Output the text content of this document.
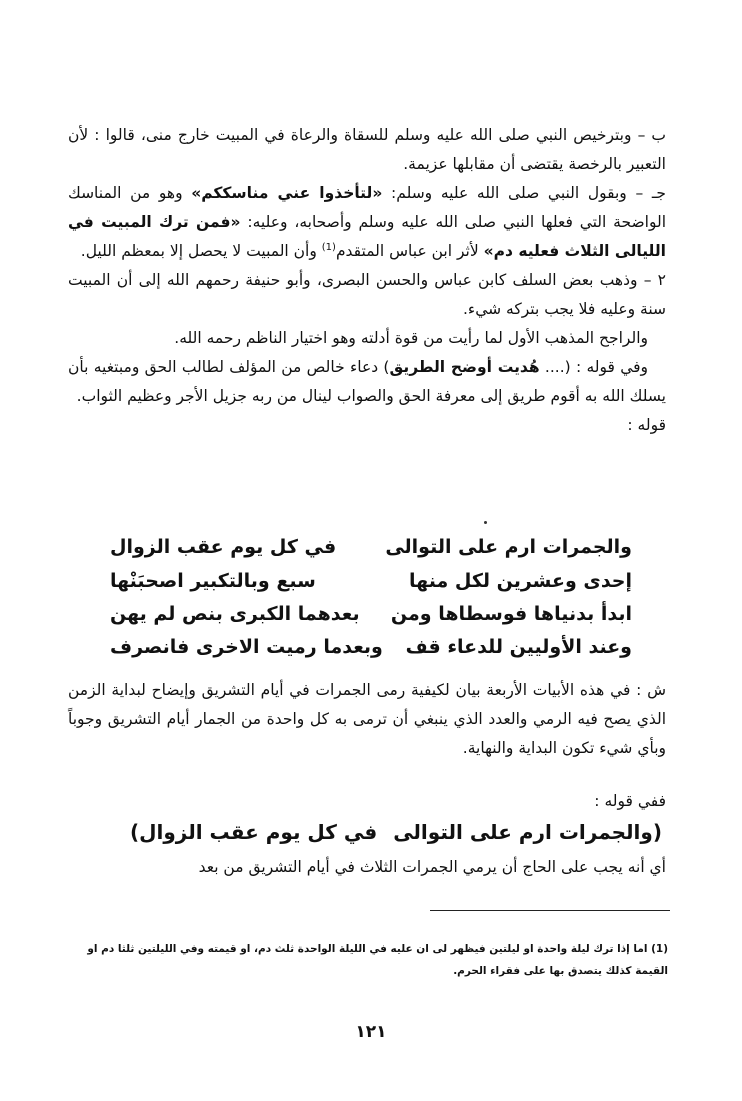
ب – وبترخيص النبي صلى الله عليه وسلم للسقاة والرعاة في المبيت خارج منى، قالوا : لأن التعبير بالرخصة يقتضى أن مقابلها عزيمة.

جـ – وبقول النبي صلى الله عليه وسلم: «لتأخذوا عني مناسككم» وهو من المناسك الواضحة التي فعلها النبي صلى الله عليه وسلم وأصحابه، وعليه: «فمن ترك المبيت في الليالى الثلاث فعليه دم» لأثر ابن عباس المتقدم$^{(1)}$ وأن المبيت لا يحصل إلا بمعظم الليل.

٢ – وذهب بعض السلف كابن عباس والحسن البصرى، وأبو حنيفة رحمهم الله إلى أن المبيت سنة وعليه فلا يجب بتركه شيء.

والراجح المذهب الأول لما رأيت من قوة أدلته وهو اختيار الناظم رحمه الله.

وفي قوله : (.... هُديت أوضح الطريق) دعاء خالص من المؤلف لطالب الحق ومبتغيه بأن يسلك الله به أقوم طريق إلى معرفة الحق والصواب لينال من ربه جزيل الأجر وعظيم الثواب.

قوله :

والجمرات ارم على التوالى
في كل يوم عقب الزوال
إحدى وعشرين لكل منها
سبع وبالتكبير اصحبَنْها
ابدأ بدنياها فوسطاها ومن
بعدهما الكبرى بنص لم يهن
وعند الأولیین للدعاء قف
وبعدما رميت الاخرى فانصرف

ش : في هذه الأبيات الأربعة بيان لكيفية رمى الجمرات في أيام التشريق وإيضاح لبداية الزمن الذي يصح فيه الرمي والعدد الذي ينبغي أن ترمى به كل واحدة من الجمار أيام التشريق وجوباً وبأي شيء تكون البداية والنهاية.

ففي قوله :

(والجمرات ارم على التوالى
في كل يوم عقب الزوال)

أي أنه يجب على الحاج أن يرمي الجمرات الثلاث في أيام التشريق من بعد

(1) اما إذا ترك ليلة واحدة او ليلتين فيظهر لى ان عليه في الليلة الواحدة ثلث دم، او قيمته وفي الليلتين ثلثا دم او القيمة كذلك يتصدق بها على فقراء الحرم.
١٢١
